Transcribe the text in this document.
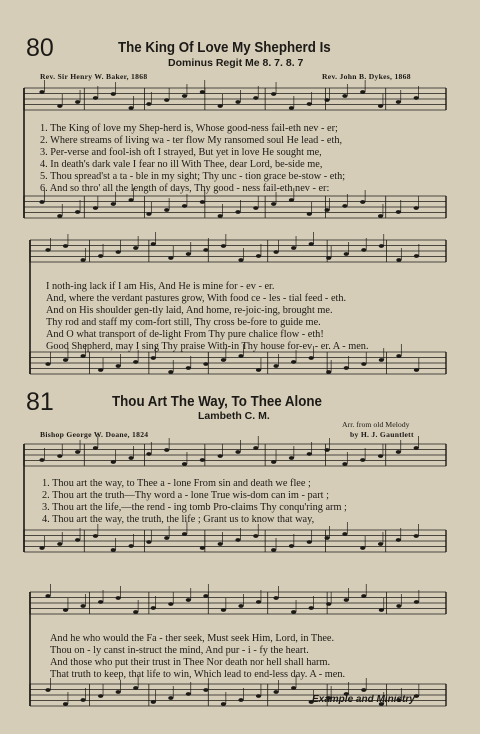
80	The King Of Love My Shepherd Is
Dominus Regit Me 8. 7. 8. 7
Rev. Sir Henry W. Baker, 1868	Rev. John B. Dykes, 1868
1. The King of love my Shep-herd is, Whose good-ness fail-eth nev - er;
2. Where streams of living wa - ter flow My ransomed soul He lead - eth,
3. Per-verse and fool-ish oft I strayed, But yet in love He sought me,
4. In death's dark vale I fear no ill With Thee, dear Lord, be-side me,
5. Thou spread'st a ta - ble in my sight; Thy unc - tion grace be-stow - eth;
6. And so thro' all the length of days, Thy good - ness fail-eth nev - er:
I noth-ing lack if I am His, And He is mine for - ev - er.
And, where the verdant pastures grow, With food ce - les - tial feed - eth.
And on His shoulder gen-tly laid, And home, re-joic-ing, brought me.
Thy rod and staff my com-fort still, Thy cross be-fore to guide me.
And O what transport of de-light From Thy pure chalice flow - eth!
Good Shepherd, may I sing Thy praise With-in Thy house for-ev - er. A - men.
81	Thou Art The Way, To Thee Alone
Lambeth C. M.
Arr. from old Melody
Bishop George W. Doane, 1824	by H. J. Gauntlett
1. Thou art the way, to Thee a - lone From sin and death we flee ;
2. Thou art the truth—Thy word a - lone True wis-dom can im - part ;
3. Thou art the life,—the rend - ing tomb Pro-claims Thy conqu'ring arm ;
4. Thou art the way, the truth, the life ; Grant us to know that way,
And he who would the Fa - ther seek, Must seek Him, Lord, in Thee.
Thou on - ly canst in-struct the mind, And pur - i - fy the heart.
And those who put their trust in Thee Nor death nor hell shall harm.
That truth to keep, that life to win, Which lead to end-less day. A - men.
Example and Ministry
